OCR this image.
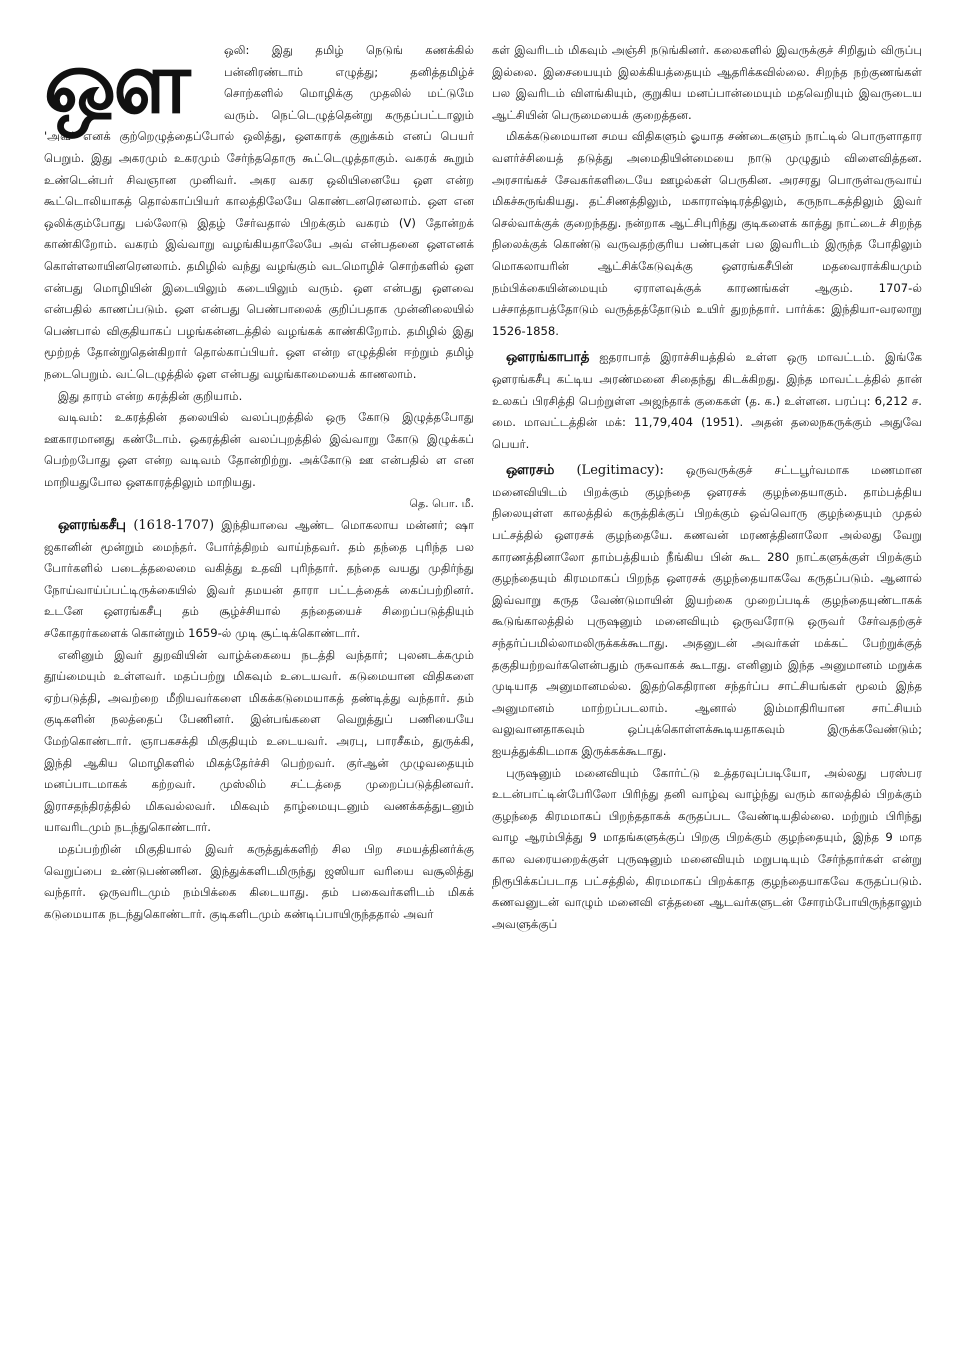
ஔ	ஒலி: இது தமிழ் நெடுங் கணக்கில் பன்னிரண்டாம் எழுத்து; தனித்தமிழ்ச் சொற்களில் மொழிக்கு முதலில் மட்டுமே வரும். நெட்டெழுத்தென்று கருதப்பட்டாலும் 'அவ்' எனக் குற்றெழுத்தைப்போல் ஒலித்து, ஔகாரக் குறுக்கம் எனப் பெயர் பெறும். இது அகரமும் உகரமும் சேர்ந்ததொரு கூட்டெழுத்தாகும். வகரக் கூறும் உண்டென்பர் சிவஞான முனிவர். அகர வகர ஒலியினையே ஔ என்ற கூட்டொலியாகத் தொல்காப்பியர் காலத்திலேயே கொண்டனரெனலாம். ஔ என ஒலிக்கும்போது பல்லோடு இதழ் சேர்வதால் பிறக்கும் வகரம் (V) தோன்றக் காண்கிறோம். வகரம் இவ்வாறு வழங்கியதாலேயே அவ் என்பதனை ஔஎனக் கொள்ளலாயினரெனலாம். தமிழில் வந்து வழங்கும் வடமொழிச் சொற்களில் ஔ என்பது மொழியின் இடையிலும் கடையிலும் வரும். ஔ என்பது ஔவை என்பதில் காணப்படும். ஔ என்பது பெண்பாலைக் குறிப்பதாக முன்னிலையில் பெண்பால் விகுதியாகப் பழங்கன்னடத்தில் வழங்கக் காண்கிறோம். தமிழில் இது மூற்றத் தோன்றுதென்கிறார் தொல்காப்பியர். ஔ என்ற எழுத்தின் ஈற்றும் தமிழ் நடைபெறும். வட்டெழுத்தில் ஔ என்பது வழங்காமையைக் காணலாம்.

இது தாரம் என்ற சுரத்தின் குறியாம்.

வடிவம்: உகரத்தின் தலையில் வலப்புறத்தில் ஒரு கோடு இழுத்தபோது ஊகாரமானது கண்டோம். ஒகரத்தின் வலப்புறத்தில் இவ்வாறு கோடு இழுக்கப் பெற்றபோது ஔ என்ற வடிவம் தோன்றிற்று. அக்கோடு ஊ என்பதில் ள என மாறியதுபோல ஔகாரத்திலும் மாறியது.

தெ. பொ. மீ.

ஔரங்கசீபு (1618-1707) இந்தியாவை ஆண்ட மொகலாய மன்னர்; ஷா ஜகானின் மூன்றும் மைந்தர். போர்த்திறம் வாய்ந்தவர். தம் தந்தை புரிந்த பல போர்களில் படைத்தலைமை வகித்து உதவி புரிந்தார். தந்தை வயது முதிர்ந்து நோய்வாய்ப்பட்டிருக்கையில் இவர் தமயன் தாரா பட்டத்தைக் கைப்பற்றினர். உடனே ஔரங்கசீபு தம் சூழ்ச்சியால் தந்தையைச் சிறைப்படுத்தியும் சகோதரர்களைக் கொன்றும் 1659-ல் முடி சூட்டிக்கொண்டார்.

எனினும் இவர் துறவியின் வாழ்க்கையை நடத்தி வந்தார்; புலனடக்கமும் தூய்மையும் உள்ளவர். மதப்பற்று மிகவும் உடையவர். கடுமையான விதிகளை ஏற்படுத்தி, அவற்றை மீறியவர்களை மிகக்கடுமையாகத் தண்டித்து வந்தார். தம் குடிகளின் நலத்தைப் பேணினர். இன்பங்களை வெறுத்துப் பணியையே மேற்கொண்டார். ஞாபகசக்தி மிகுதியும் உடையவர். அரபு, பாரசீகம், துருக்கி, இந்தி ஆகிய மொழிகளில் மிகத்தேர்ச்சி பெற்றவர். குர்ஆன் முழுவதையும் மனப்பாடமாகக் கற்றவர். முஸ்லிம் சட்டத்தை முறைப்படுத்தினவர். இராசதந்திரத்தில் மிகவல்லவர். மிகவும் தாழ்மையுடனும் வணக்கத்துடனும் யாவரிடமும் நடந்துகொண்டார்.

மதப்பற்றின் மிகுதியால் இவர் கருத்துக்களிற் சில பிற சமயத்தினர்க்கு வெறுப்பை உண்டுபண்ணின. இந்துக்களிடமிருந்து ஜஸியா வரியை வசூலித்து வந்தார். ஒருவரிடமும் நம்பிக்கை கிடையாது. தம் பகைவர்களிடம் மிகக் கடுமையாக நடந்துகொண்டார். குடிகளிடமும் கண்டிப்பாயிருந்ததால் அவர்

கள் இவரிடம் மிகவும் அஞ்சி நடுங்கினர். கலைகளில் இவருக்குச் சிறிதும் விருப்பு இல்லை. இசையையும் இலக்கியத்தையும் ஆதரிக்கவில்லை. சிறந்த நற்குணங்கள் பல இவரிடம் விளங்கியும், குறுகிய மனப்பான்மையும் மதவெறியும் இவருடைய ஆட்சியின் பெருமையைக் குறைத்தன.

மிகக்கடுமையான சமய விதிகளும் ஓயாத சண்டைகளும் நாட்டில் பொருளாதார வளர்ச்சியைத் தடுத்து அமைதியின்மையை நாடு முழுதும் விளைவித்தன. அரசாங்கச் சேவகர்களிடையே ஊழல்கள் பெருகின. அரசரது பொருள்வருவாய் மிகச்சுருங்கியது. தட்சிணத்திலும், மகாராஷ்டிரத்திலும், கருநாடகத்திலும் இவர் செல்வாக்குக் குறைந்தது. நன்றாக ஆட்சிபுரிந்து குடிகளைக் காத்து நாட்டைச் சிறந்த நிலைக்குக் கொண்டு வருவதற்குரிய பண்புகள் பல இவரிடம் இருந்த போதிலும் மொகலாயரின் ஆட்சிக்கேடுவுக்கு ஔரங்கசீபின் மதவைராக்கியமும் நம்பிக்கையின்மையும் ஏராளவுக்குக் காரணங்கள் ஆகும். 1707-ல் பச்சாத்தாபத்தோடும் வருத்தத்தோடும் உயிர் துறந்தார். பார்க்க: இந்தியா-வரலாறு 1526-1858.

ஔரங்காபாத் ஐதராபாத் இராச்சியத்தில் உள்ள ஒரு மாவட்டம். இங்கே ஔரங்கசீபு கட்டிய அரண்மனை சிதைந்து கிடக்கிறது. இந்த மாவட்டத்தில் தான் உலகப் பிரசித்தி பெற்றுள்ள அஜந்தாக் குகைகள் (த. க.) உள்ளன. பரப்பு: 6,212 ச. மை. மாவட்டத்தின் மக்: 11,79,404 (1951). அதன் தலைநகருக்கும் அதுவே பெயர்.

ஔரசம் (Legitimacy): ஒருவருக்குச் சட்டபூர்வமாக மணமான மனைவியிடம் பிறக்கும் குழந்தை ஔரசக் குழந்தையாகும். தாம்பத்திய நிலையுள்ள காலத்தில் கருத்திக்குப் பிறக்கும் ஒவ்வொரு குழந்தையும் முதல் பட்சத்தில் ஔரசக் குழந்தையே. கணவன் மரணத்தினாலோ அல்லது வேறு காரணத்தினாலோ தாம்பத்தியம் நீங்கிய பின் கூட 280 நாட்களுக்குள் பிறக்கும் குழந்தையும் கிரமமாகப் பிறந்த ஔரசக் குழந்தையாகவே கருதப்படும். ஆனால் இவ்வாறு கருத வேண்டுமாயின் இயற்கை முறைப்படிக் குழந்தையுண்டாகக் கூடுங்காலத்தில் புருஷனும் மனைவியும் ஒருவரோடு ஒருவர் சேர்வதற்குச் சந்தர்ப்பமில்லாமலிருக்கக்கூடாது. அதனுடன் அவர்கள் மக்கட் பேற்றுக்குத் தகுதியற்றவர்களென்பதும் ருசுவாகக் கூடாது. எனினும் இந்த அனுமானம் மறுக்க முடியாத அனுமானமல்ல. இதற்கெதிரான சந்தர்ப்ப சாட்சியங்கள் மூலம் இந்த அனுமானம் மாற்றப்படலாம். ஆனால் இம்மாதிரியான சாட்சியம் வலுவானதாகவும் ஒப்புக்கொள்ளக்கூடியதாகவும் இருக்கவேண்டும்; ஐயத்துக்கிடமாக இருக்கக்கூடாது.

புருஷனும் மனைவியும் கோர்ட்டு உத்தரவுப்படியோ, அல்லது பரஸ்பர உடன்பாட்டின்பேரிலோ பிரிந்து தனி வாழ்வு வாழ்ந்து வரும் காலத்தில் பிறக்கும் குழந்தை கிரமமாகப் பிறந்ததாகக் கருதப்பட வேண்டியதில்லை. மற்றும் பிரிந்து வாழ ஆரம்பித்து 9 மாதங்களுக்குப் பிறகு பிறக்கும் குழந்தையும், இந்த 9 மாத கால வரையறைக்குள் புருஷனும் மனைவியும் மறுபடியும் சேர்ந்தார்கள் என்று நிரூபிக்கப்படாத பட்சத்தில், கிரமமாகப் பிறக்காத குழந்தையாகவே கருதப்படும். கணவனுடன் வாழும் மனைவி எத்தனை ஆடவர்களுடன் சோரம்போயிருந்தாலும் அவளுக்குப்
